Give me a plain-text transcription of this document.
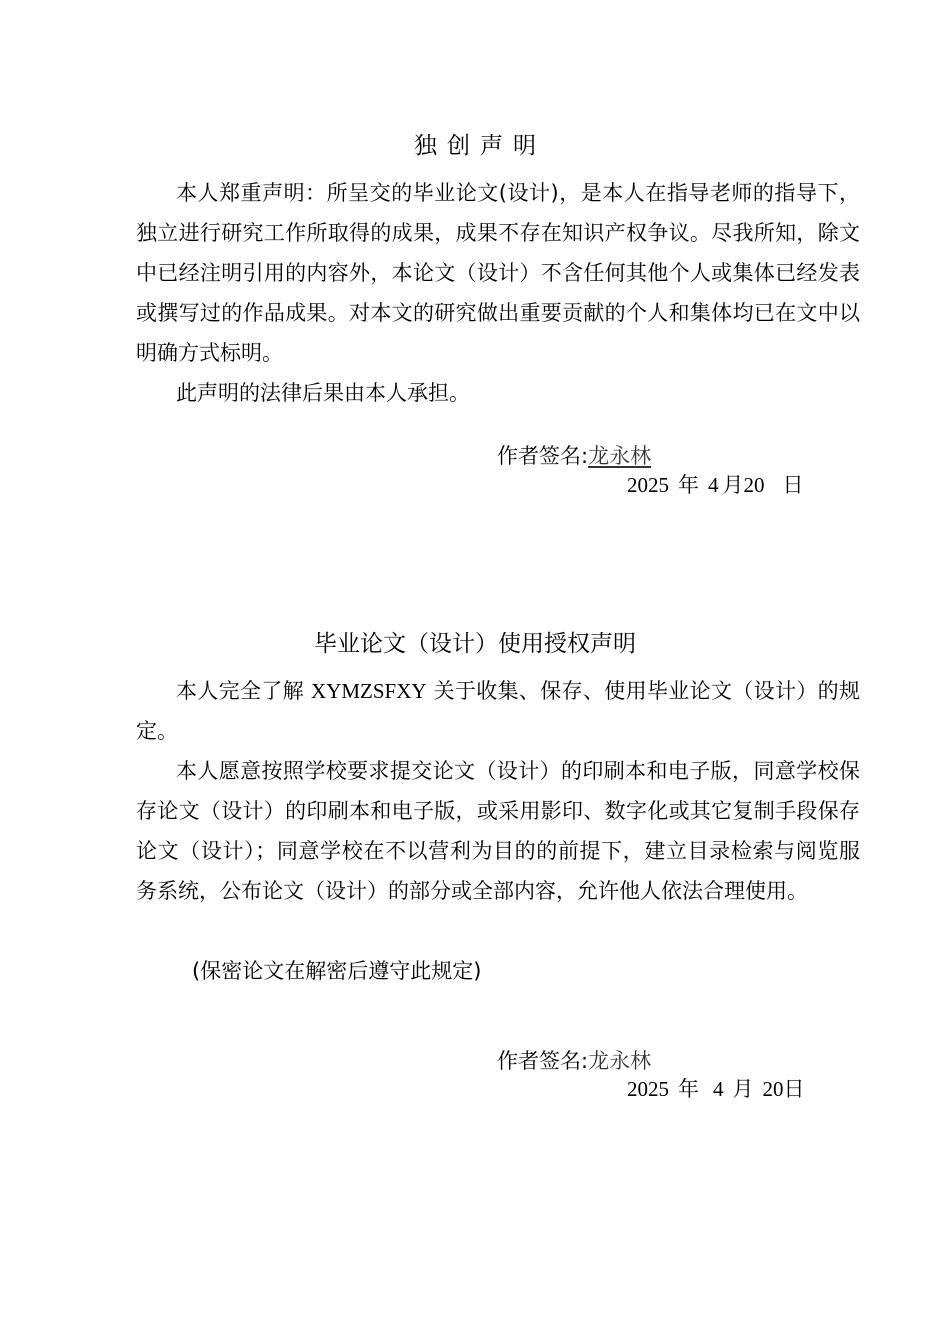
独创声明
本人郑重声明：所呈交的毕业论文(设计)，是本人在指导老师的指导下，独立进行研究工作所取得的成果，成果不存在知识产权争议。尽我所知，除文中已经注明引用的内容外，本论文（设计）不含任何其他个人或集体已经发表或撰写过的作品成果。对本文的研究做出重要贡献的个人和集体均已在文中以明确方式标明。
此声明的法律后果由本人承担。
作者签名:龙永林
2025 年 4 月20 日
毕业论文（设计）使用授权声明
本人完全了解 XYMZSFXY 关于收集、保存、使用毕业论文（设计）的规定。
本人愿意按照学校要求提交论文（设计）的印刷本和电子版，同意学校保存论文（设计）的印刷本和电子版，或采用影印、数字化或其它复制手段保存论文（设计）；同意学校在不以营利为目的的前提下，建立目录检索与阅览服务系统，公布论文（设计）的部分或全部内容，允许他人依法合理使用。
(保密论文在解密后遵守此规定)
作者签名:龙永林
2025 年 4 月 20日
